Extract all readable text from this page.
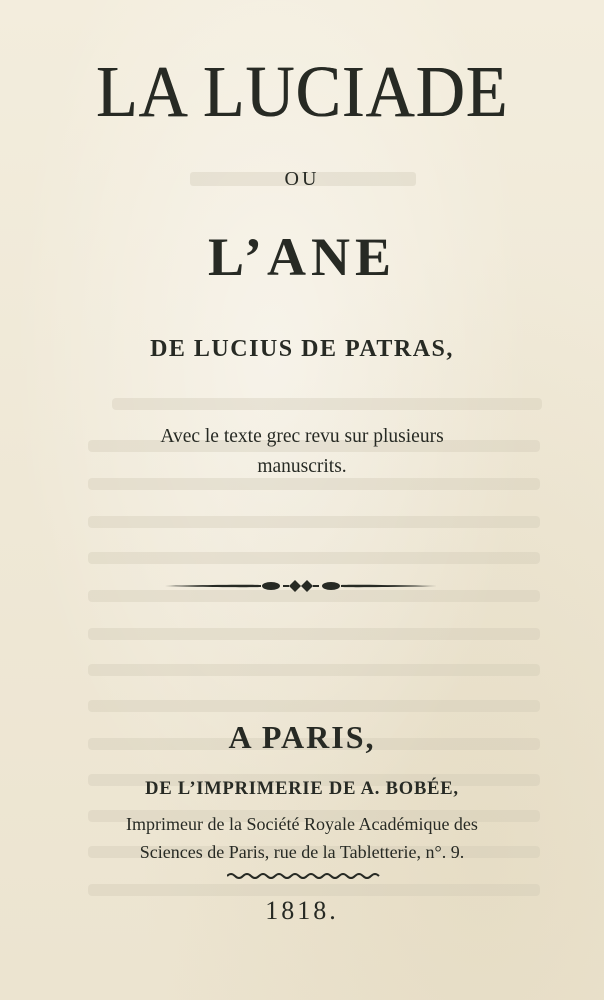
LA LUCIADE
OU
L’ANE
DE LUCIUS DE PATRAS,
Avec le texte grec revu sur plusieurs
manuscrits.
A PARIS,
DE L’IMPRIMERIE DE A. BOBÉE,
Imprimeur de la Société Royale Académique des
Sciences de Paris, rue de la Tabletterie, n°. 9.
1818.
